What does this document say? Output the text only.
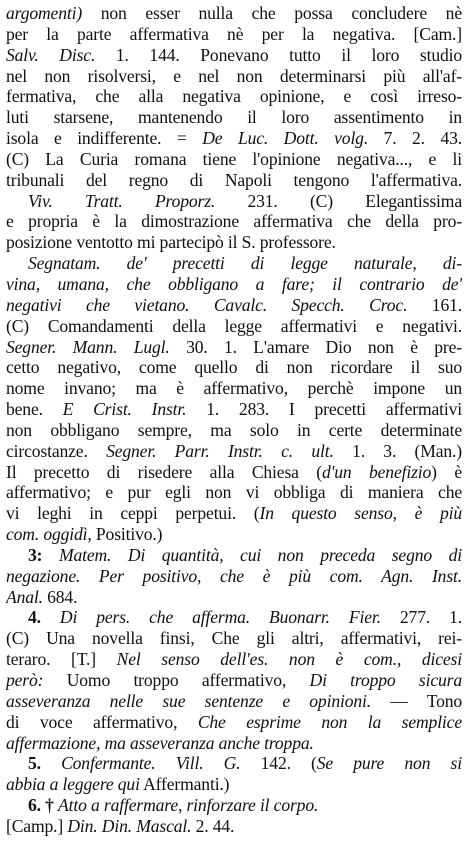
argomenti) non esser nulla che possa concludere nè
per la parte affermativa nè per la negativa. [Cam.]
Salv. Disc. 1. 144. Ponevano tutto il loro studio
nel non risolversi, e nel non determinarsi più all'af-
fermativa, che alla negativa opinione, e così irreso-
luti starsene, mantenendo il loro assentimento in
isola e indifferente. = De Luc. Dott. volg. 7. 2. 43.
(C) La Curia romana tiene l'opinione negativa..., e li
tribunali del regno di Napoli tengono l'affermativa.
Viv. Tratt. Proporz. 231. (C) Elegantissima
e propria è la dimostrazione affermativa che della pro-
posizione ventotto mi partecipò il S. professore.
Segnatam. de' precetti di legge naturale, di-
vina, umana, che obbligano a fare; il contrario de'
negativi che vietano. Cavalc. Specch. Croc. 161.
(C) Comandamenti della legge affermativi e negativi.
Segner. Mann. Lugl. 30. 1. L'amare Dio non è pre-
cetto negativo, come quello di non ricordare il suo
nome invano; ma è affermativo, perchè impone un
bene. E Crist. Instr. 1. 283. I precetti affermativi
non obbligano sempre, ma solo in certe determinate
circostanze. Segner. Parr. Instr. c. ult. 1. 3. (Man.)
Il precetto di risedere alla Chiesa (d'un benefizio) è
affermativo; e pur egli non vi obbliga di maniera che
vi leghi in ceppi perpetui. (In questo senso, è più
com. oggidì, Positivo.)
3: Matem. Di quantità, cui non preceda segno di
negazione. Per positivo, che è più com. Agn. Inst.
Anal. 684.
4. Di pers. che afferma. Buonarr. Fier. 277. 1.
(C) Una novella finsi, Che gli altri, affermativi, rei-
terаro. [T.] Nel senso dell'es. non è com., dicesi
però: Uomo troppo affermativo, Di troppo sicura
asseveranza nelle sue sentenze e opinioni. — Tono
di voce affermativo, Che esprime non la semplice
affermazione, ma asseveranza anche troppa.
5. Confermante. Vill. G. 142. (Se pure non si
abbia a leggere qui Affermanti.)
6. † Atto a raffermare, rinforzare il corpo.
[Camp.] Din. Din. Mascal. 2. 44.
